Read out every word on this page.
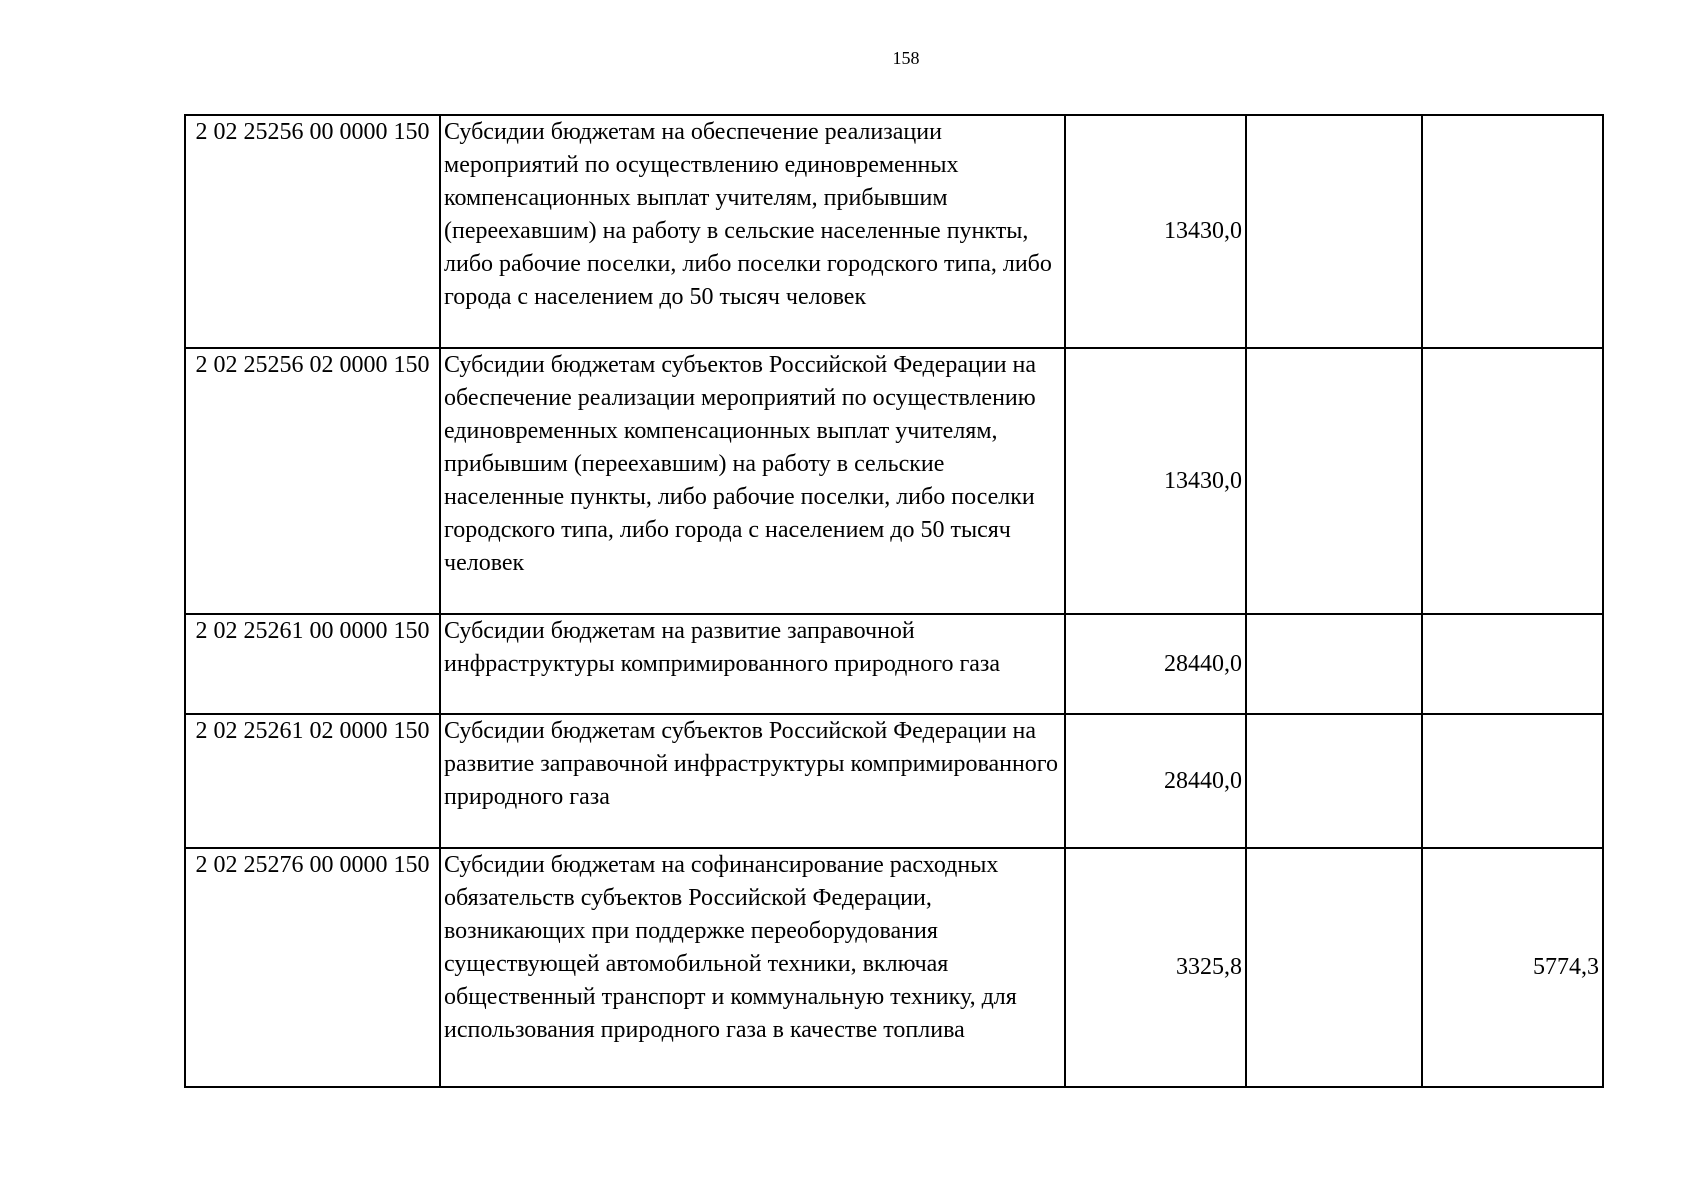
158
2 02 25256 00 0000 150	Субсидии бюджетам на обеспечение реализации мероприятий по осуществлению единовременных компенсационных выплат учителям, прибывшим (переехавшим) на работу в сельские населенные пункты, либо рабочие поселки, либо поселки городского типа, либо города с населением до 50 тысяч человек	13430,0		
2 02 25256 02 0000 150	Субсидии бюджетам субъектов Российской Федерации на обеспечение реализации мероприятий по осуществлению единовременных компенсационных выплат учителям, прибывшим (переехавшим) на работу в сельские населенные пункты, либо рабочие поселки, либо поселки городского типа, либо города с населением до 50 тысяч человек	13430,0		
2 02 25261 00 0000 150	Субсидии бюджетам на развитие заправочной инфраструктуры компримированного природного газа	28440,0		
2 02 25261 02 0000 150	Субсидии бюджетам субъектов Российской Федерации на развитие заправочной инфраструктуры компримированного природного газа	28440,0		
2 02 25276 00 0000 150	Субсидии бюджетам на софинансирование расходных обязательств субъектов Российской Федерации, возникающих при поддержке переоборудования существующей автомобильной техники, включая общественный транспорт и коммунальную технику, для использования природного газа в качестве топлива	3325,8		5774,3
